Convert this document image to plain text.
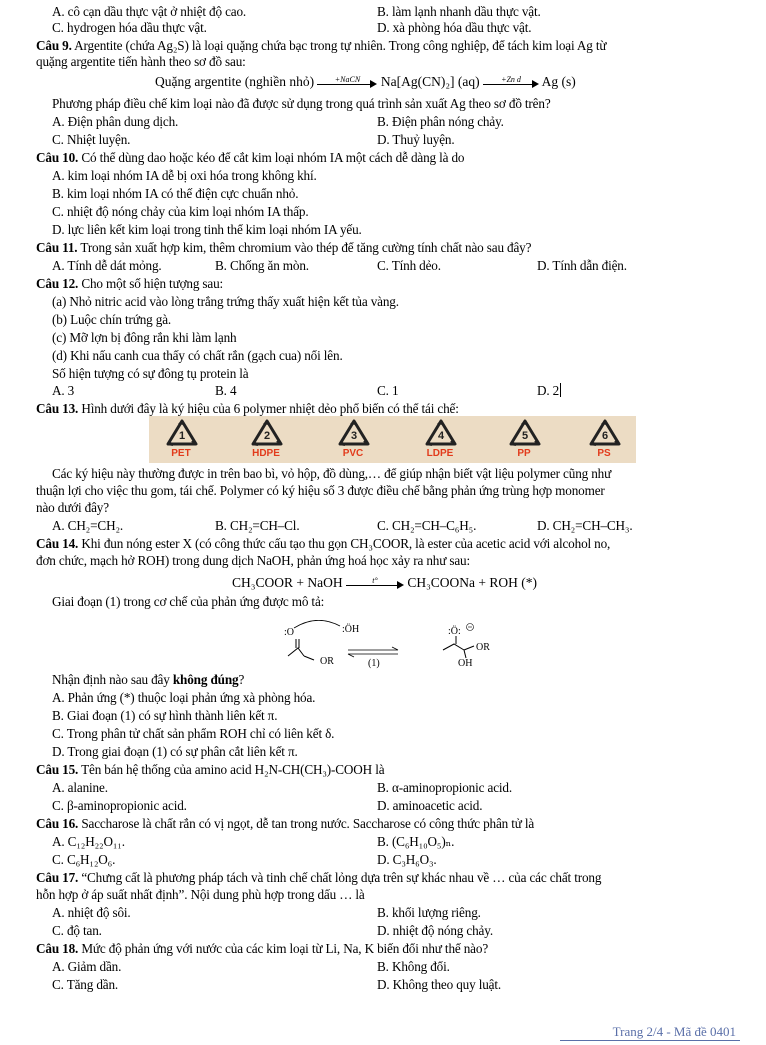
A. cô cạn dầu thực vật ở nhiệt độ cao.	B. làm lạnh nhanh dầu thực vật.
C. hydrogen hóa dầu thực vật.	D. xà phòng hóa dầu thực vật.
Câu 9. Argentite (chứa Ag₂S) là loại quặng chứa bạc trong tự nhiên. Trong công nghiệp, để tách kim loại Ag từ
quặng argentite tiến hành theo sơ đồ sau:
Quặng argentite (nghiền nhỏ)	+NaCN	Na[Ag(CN)₂] (aq)	+Zn d	Ag (s)
Phương pháp điều chế kim loại nào đã được sử dụng trong quá trình sản xuất Ag theo sơ đồ trên?
A. Điện phân dung dịch.	B. Điện phân nóng chảy.
C. Nhiệt luyện.	D. Thuỷ luyện.
Câu 10. Có thể dùng dao hoặc kéo để cắt kim loại nhóm IA một cách dễ dàng là do
A. kim loại nhóm IA dễ bị oxi hóa trong không khí.
B. kim loại nhóm IA có thế điện cực chuẩn nhỏ.
C. nhiệt độ nóng chảy của kim loại nhóm IA thấp.
D. lực liên kết kim loại trong tinh thể kim loại nhóm IA yếu.
Câu 11. Trong sản xuất hợp kim, thêm chromium vào thép để tăng cường tính chất nào sau đây?
A. Tính dễ dát mỏng.	B. Chống ăn mòn.	C. Tính dẻo.	D. Tính dẫn điện.
Câu 12. Cho một số hiện tượng sau:
(a) Nhỏ nitric acid vào lòng trắng trứng thấy xuất hiện kết tủa vàng.
(b) Luộc chín trứng gà.
(c) Mỡ lợn bị đông rắn khi làm lạnh
(d) Khi nấu canh cua thấy có chất rắn (gạch cua) nổi lên.
Số hiện tượng có sự đông tụ protein là
A. 3	B. 4	C. 1	D. 2
Câu 13. Hình dưới đây là ký hiệu của 6 polymer nhiệt dẻo phổ biến có thể tái chế:
1
PET
2
HDPE
3
PVC
4
LDPE
5
PP
6
PS
Các ký hiệu này thường được in trên bao bì, vỏ hộp, đồ dùng,… để giúp nhận biết vật liệu polymer cũng như
thuận lợi cho việc thu gom, tái chế. Polymer có ký hiệu số 3 được điều chế bằng phản ứng trùng hợp monomer
nào dưới đây?
A. CH₂=CH₂.	B. CH₂=CH–Cl.	C. CH₂=CH–C₆H₅.	D. CH₂=CH–CH₃.
Câu 14. Khi đun nóng ester X (có công thức cấu tạo thu gọn CH₃COOR, là ester của acetic acid với alcohol no,
đơn chức, mạch hở ROH) trong dung dịch NaOH, phản ứng hoá học xảy ra như sau:
CH₃COOR + NaOH	t°	CH₃COONa + ROH (*)
Giai đoạn (1) trong cơ chế của phản ứng được mô tả:
:O
OR
:ÖH
(1)
:Ö:
OR
OH
Nhận định nào sau đây không đúng?
A. Phản ứng (*) thuộc loại phản ứng xà phòng hóa.
B. Giai đoạn (1) có sự hình thành liên kết π.
C. Trong phân tử chất sản phẩm ROH chỉ có liên kết δ.
D. Trong giai đoạn (1) có sự phân cắt liên kết π.
Câu 15. Tên bán hệ thống của amino acid H₂N-CH(CH₃)-COOH là
A. alanine.	B. α-aminopropionic acid.
C. β-aminopropionic acid.	D. aminoacetic acid.
Câu 16. Saccharose là chất rắn có vị ngọt, dễ tan trong nước. Saccharose có công thức phân tử là
A. C₁₂H₂₂O₁₁.	B. (C₆H₁₀O₅)ₙ.
C. C₆H₁₂O₆.	D. C₃H₆O₃.
Câu 17. “Chưng cất là phương pháp tách và tinh chế chất lỏng dựa trên sự khác nhau về … của các chất trong
hỗn hợp ở áp suất nhất định”. Nội dung phù hợp trong dấu … là
A. nhiệt độ sôi.	B. khối lượng riêng.
C. độ tan.	D. nhiệt độ nóng chảy.
Câu 18. Mức độ phản ứng với nước của các kim loại từ Li, Na, K biến đổi như thế nào?
A. Giảm dần.	B. Không đổi.
C. Tăng dần.	D. Không theo quy luật.
Trang 2/4 - Mã đề 0401
